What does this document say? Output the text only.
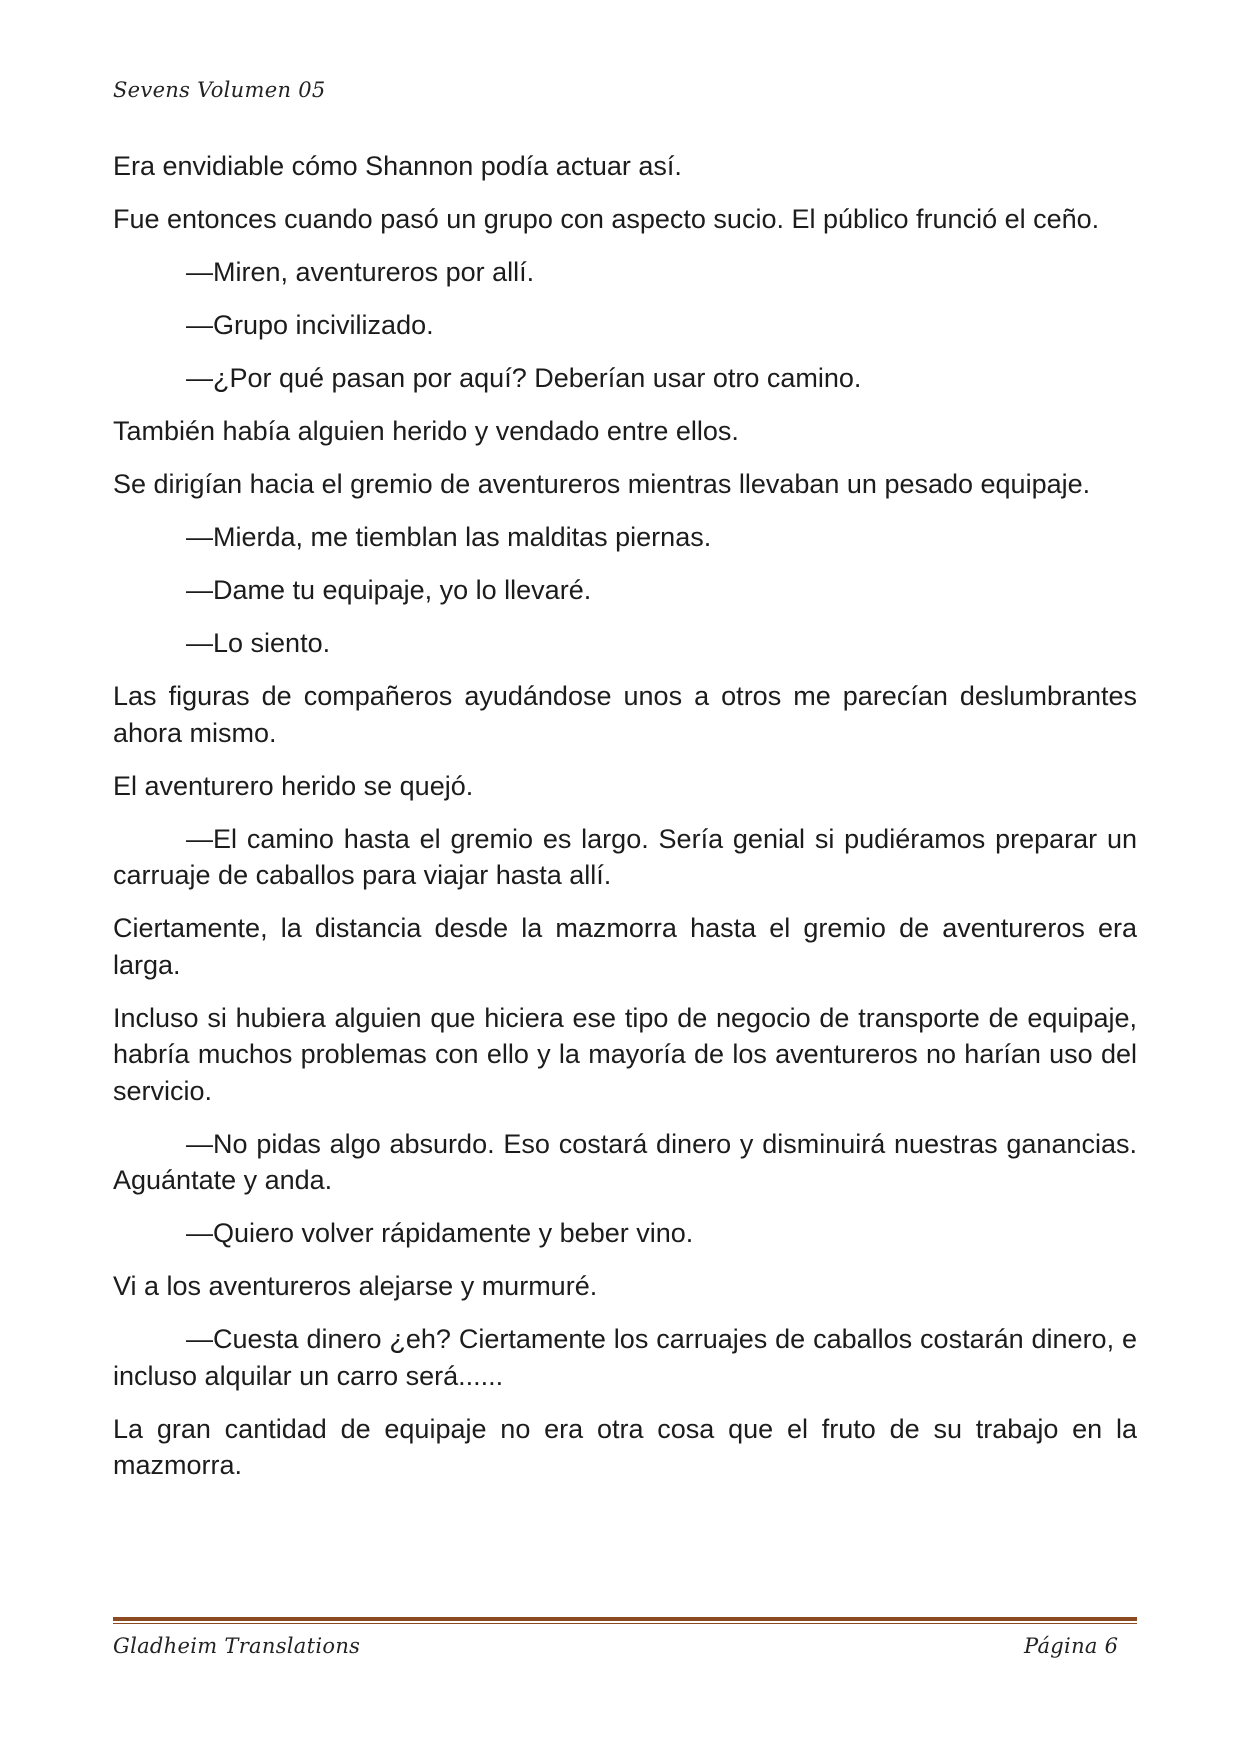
Sevens Volumen 05

Era envidiable cómo Shannon podía actuar así.

Fue entonces cuando pasó un grupo con aspecto sucio. El público frunció el ceño.

—Miren, aventureros por allí.

—Grupo incivilizado.

—¿Por qué pasan por aquí? Deberían usar otro camino.

También había alguien herido y vendado entre ellos.

Se dirigían hacia el gremio de aventureros mientras llevaban un pesado equipaje.

—Mierda, me tiemblan las malditas piernas.

—Dame tu equipaje, yo lo llevaré.

—Lo siento.

Las figuras de compañeros ayudándose unos a otros me parecían deslumbrantes ahora mismo.

El aventurero herido se quejó.

—El camino hasta el gremio es largo. Sería genial si pudiéramos preparar un carruaje de caballos para viajar hasta allí.

Ciertamente, la distancia desde la mazmorra hasta el gremio de aventureros era larga.

Incluso si hubiera alguien que hiciera ese tipo de negocio de transporte de equipaje, habría muchos problemas con ello y la mayoría de los aventureros no harían uso del servicio.

—No pidas algo absurdo. Eso costará dinero y disminuirá nuestras ganancias. Aguántate y anda.

—Quiero volver rápidamente y beber vino.

Vi a los aventureros alejarse y murmuré.

—Cuesta dinero ¿eh? Ciertamente los carruajes de caballos costarán dinero, e incluso alquilar un carro será......

La gran cantidad de equipaje no era otra cosa que el fruto de su trabajo en la mazmorra.

Gladheim Translations	Página 6
